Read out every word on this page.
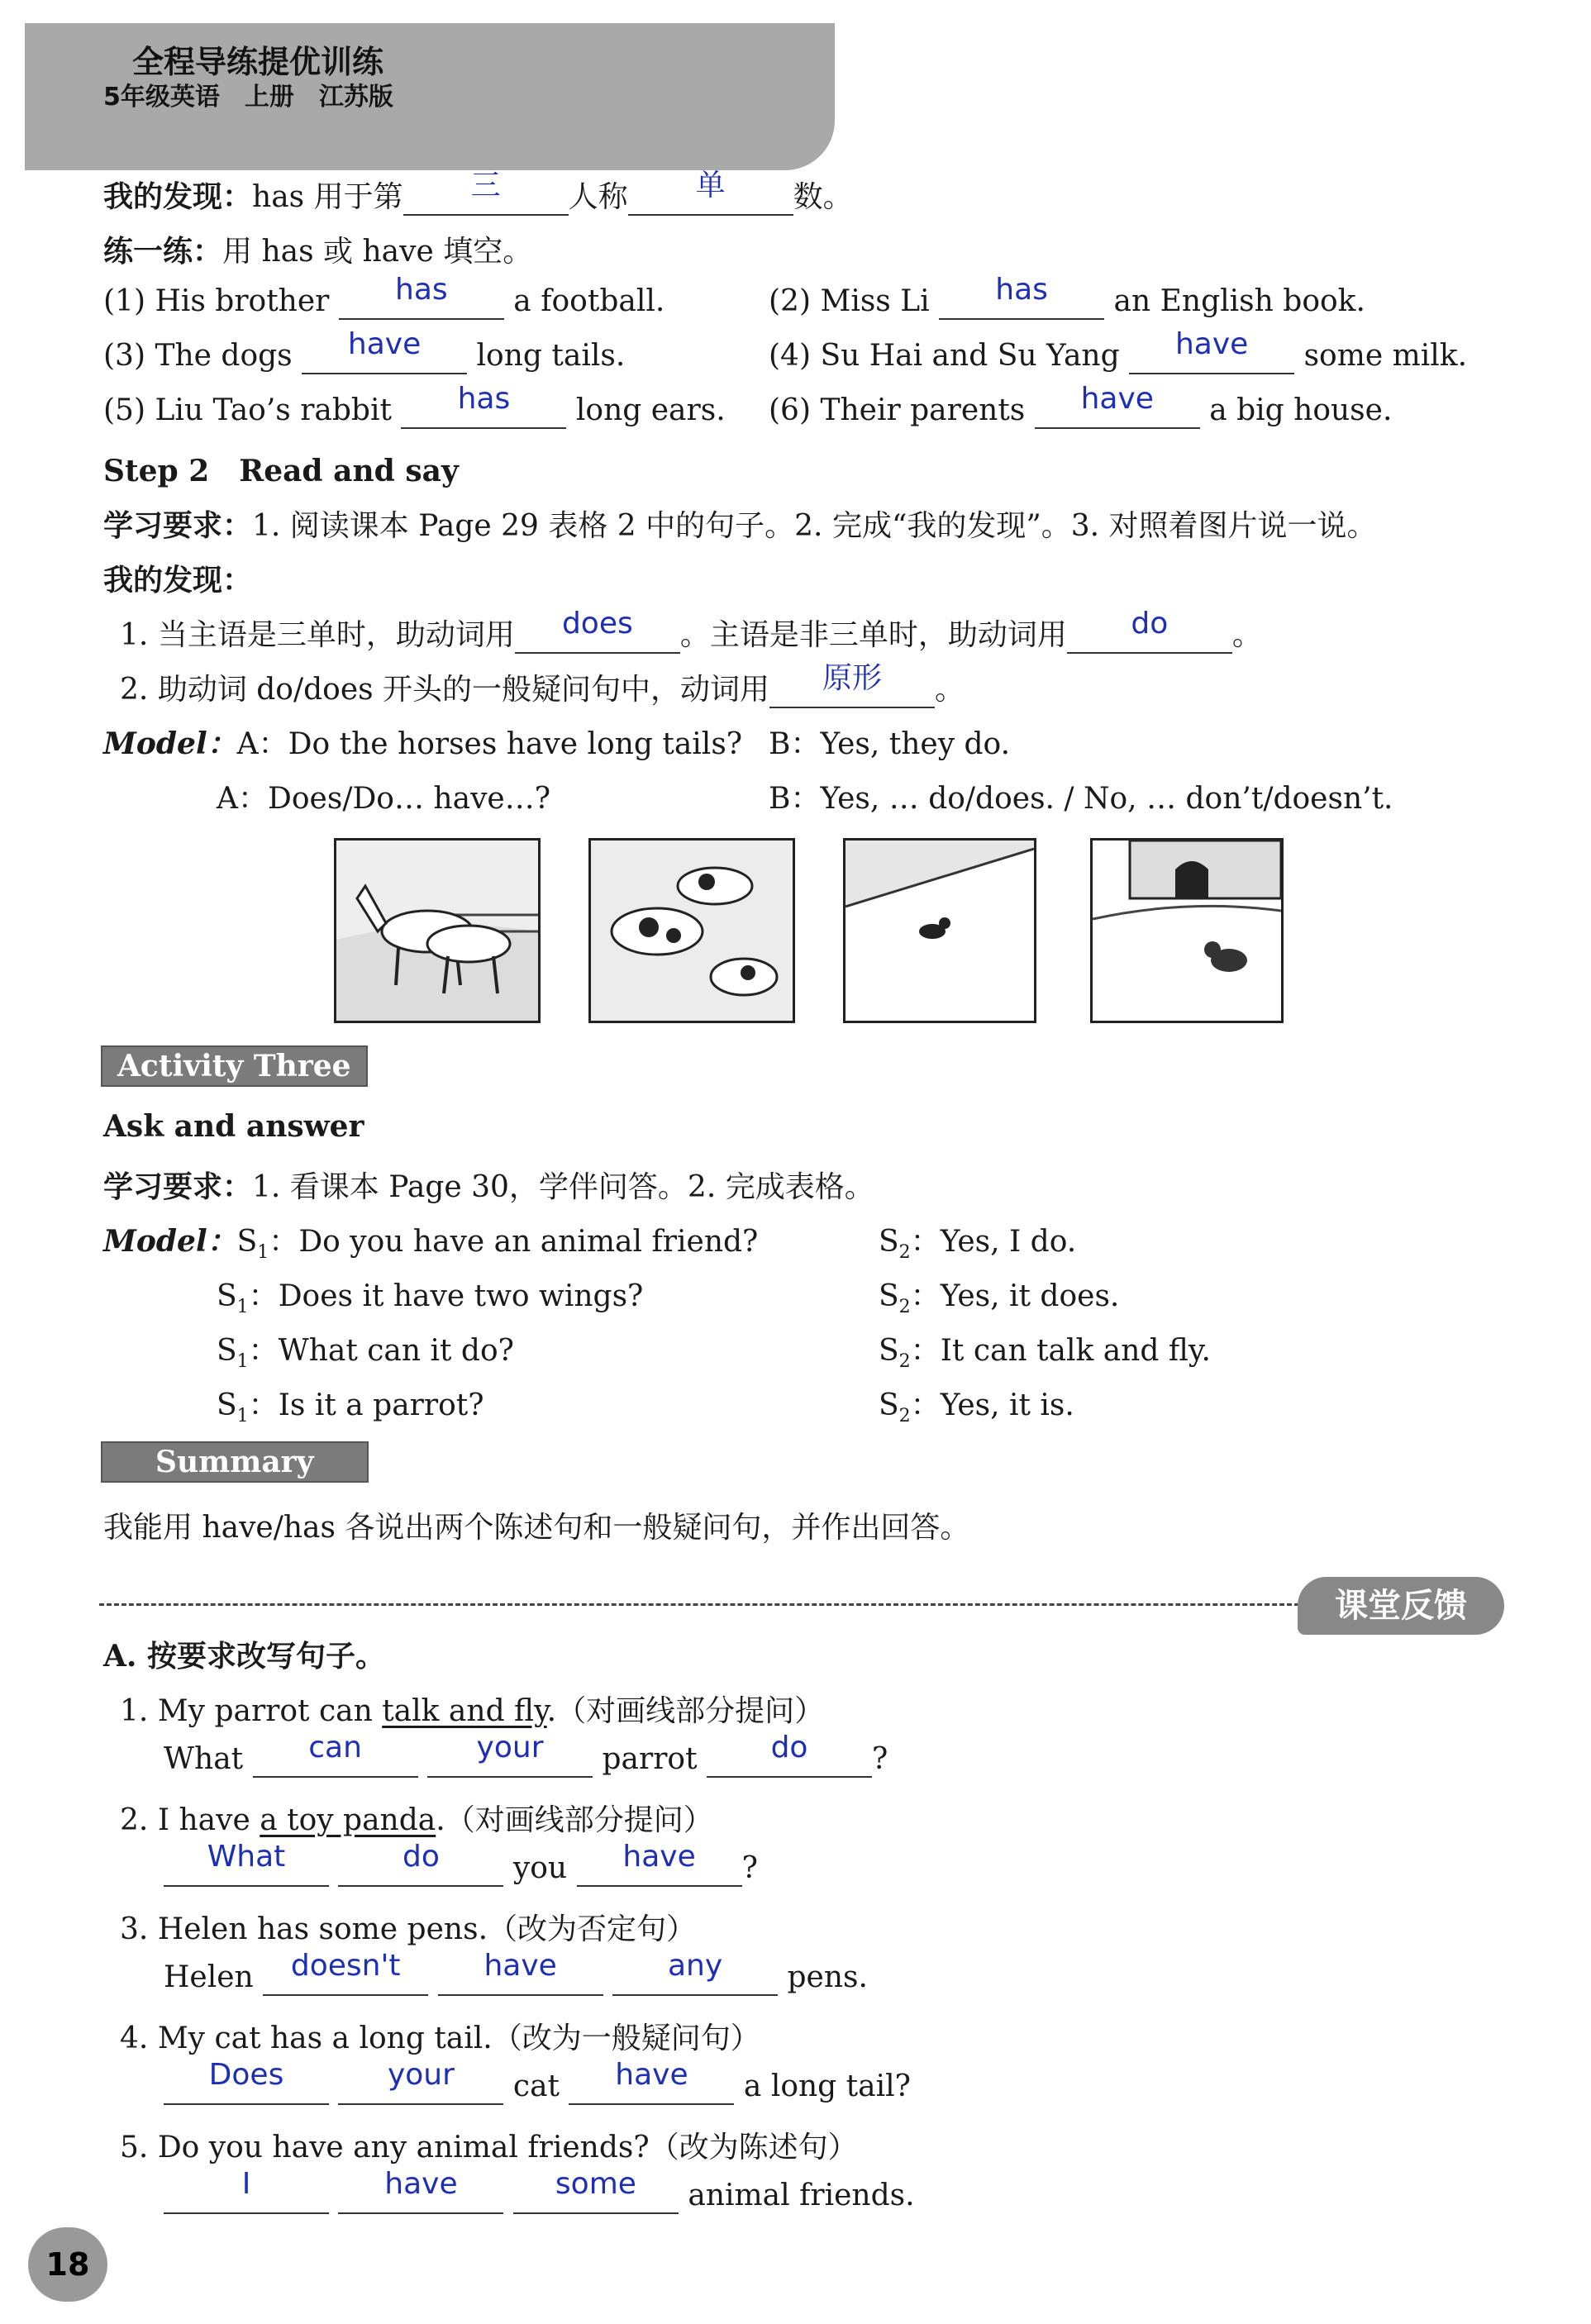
全程导练提优训练
5年级英语　上册　江苏版
我的发现：has 用于第 三 人称 单 数。
练一练：用 has 或 have 填空。
(1) His brother has a football.	(2) Miss Li has an English book.
(3) The dogs have long tails.	(4) Su Hai and Su Yang have some milk.
(5) Liu Tao’s rabbit has long ears. (6) Their parents have a big house.
Step 2　Read and say
学习要求：1. 阅读课本 Page 29 表格 2 中的句子。2. 完成“我的发现”。3. 对照着图片说一说。
我的发现：
1. 当主语是三单时，助动词用 does 。主语是非三单时，助动词用 do 。
2. 助动词 do/does 开头的一般疑问句中，动词用 原形 。
Model：A：Do the horses have long tails? B：Yes, they do.
A：Does/Do… have…?	B：Yes, … do/does. / No, … don’t/doesn’t.
Activity Three
Ask and answer
学习要求：1. 看课本 Page 30，学伴问答。2. 完成表格。
Model：$S_1$：Do you have an animal friend?	$S_2$：Yes, I do.
$S_1$：Does it have two wings?	$S_2$：Yes, it does.
$S_1$：What can it do?	$S_2$：It can talk and fly.
$S_1$：Is it a parrot?	$S_2$：Yes, it is.
Summary
我能用 have/has 各说出两个陈述句和一般疑问句，并作出回答。
课堂反馈
A. 按要求改写句子。
1. My parrot can talk and fly.（对画线部分提问）
What can	your parrot do ?
2. I have a toy panda.（对画线部分提问）
What	do you have ?
3. Helen has some pens.（改为否定句）
Helen doesn't	have	any pens.
4. My cat has a long tail.（改为一般疑问句）
Does	your cat have a long tail?
5. Do you have any animal friends?（改为陈述句）
I	have	some animal friends.
18
